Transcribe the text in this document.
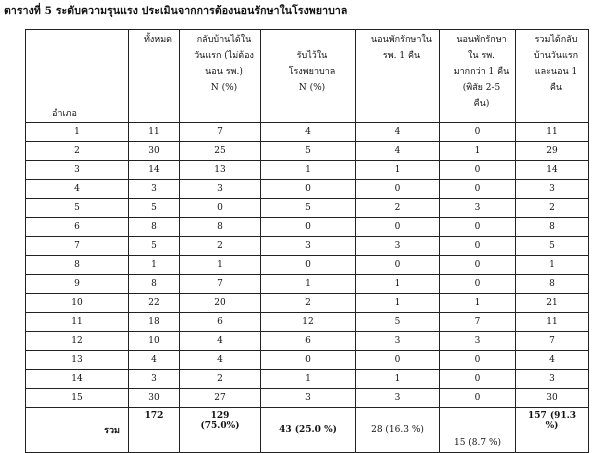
ตารางที่ 5 ระดับความรุนแรง ประเมินจากการต้องนอนรักษาในโรงพยาบาล
อำเภอ	ทั้งหมด	กลับบ้านได้ใน
วันแรก (ไม่ต้อง
นอน รพ.)
N (%)	รับไว้ใน
โรงพยาบาล
N (%)	นอนพักรักษาใน
รพ. 1 คืน	นอนพักรักษา
ใน รพ.
มากกว่า 1 คืน
(พิสัย 2-5
คืน)	รวมได้กลับ
บ้านวันแรก
และนอน 1
คืน
1	11	7	4	4	0	11
2	30	25	5	4	1	29
3	14	13	1	1	0	14
4	3	3	0	0	0	3
5	5	0	5	2	3	2
6	8	8	0	0	0	8
7	5	2	3	3	0	5
8	1	1	0	0	0	1
9	8	7	1	1	0	8
10	22	20	2	1	1	21
11	18	6	12	5	7	11
12	10	4	6	3	3	7
13	4	4	0	0	0	4
14	3	2	1	1	0	3
15	30	27	3	3	0	30
รวม	172	129
(75.0%)	43 (25.0 %)	28 (16.3 %)	15 (8.7 %)	157 (91.3
%)
